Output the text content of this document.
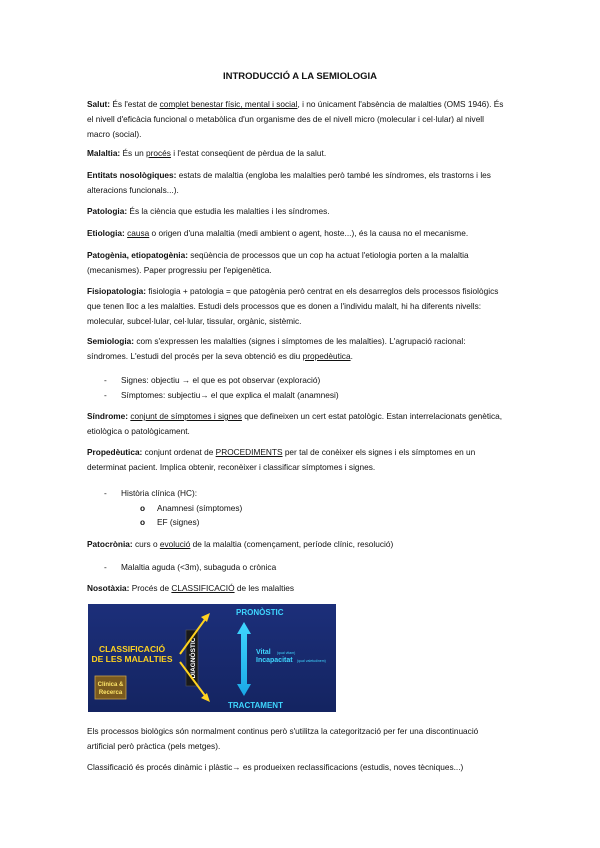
INTRODUCCIÓ A LA SEMIOLOGIA

Salut: És l'estat de complet benestar físic, mental i social, i no únicament l'absència de malalties (OMS 1946). És el nivell d'eficàcia funcional o metabòlica d'un organisme des de el nivell micro (molecular i cel·lular) al nivell macro (social).

Malaltia: És un procés i l'estat conseqüent de pèrdua de la salut.

Entitats nosològiques: estats de malaltia (engloba les malalties però també les síndromes, els trastorns i les alteracions funcionals...).

Patologia: És la ciència que estudia les malalties i les síndromes.

Etiologia: causa o origen d'una malaltia (medi ambient o agent, hoste...), és la causa no el mecanisme.

Patogènia, etiopatogènia: seqüència de processos que un cop ha actuat l'etiologia porten a la malaltia (mecanismes). Paper progressiu per l'epigenètica.

Fisiopatologia: fisiologia + patologia = que patogènia però centrat en els desarreglos dels processos fisiològics que tenen lloc a les malalties. Estudi dels processos que es donen a l'individu malalt, hi ha diferents nivells: molecular, subcel·lular, cel·lular, tissular, orgànic, sistèmic.

Semiologia: com s'expressen les malalties (signes i símptomes de les malalties). L'agrupació racional: síndromes. L'estudi del procés per la seva obtenció es diu propedèutica.

- Signes: objectiu → el que es pot observar (exploració)
- Símptomes: subjectiu→ el que explica el malalt (anamnesi)

Síndrome: conjunt de símptomes i signes que defineixen un cert estat patològic. Estan interrelacionats genètica, etiològica o patològicament.

Propedèutica: conjunt ordenat de PROCEDIMENTS per tal de conèixer els signes i els símptomes en un determinat pacient. Implica obtenir, reconèixer i classificar símptomes i signes.

- Història clínica (HC):
o Anamnesi (símptomes)
o EF (signes)

Patocrònia: curs o evolució de la malaltia (començament, període clínic, resolució)

- Malaltia aguda (<3m), subaguda o crònica

Nosotàxia: Procés de CLASSIFICACIÓ de les malalties

CLASSIFICACIÓ
DE LES MALALTIES
Clínica &
Recerca
DIAGNÒSTIC
PRONÒSTIC
TRACTAMENT
Vital (qual vitam)
Incapacitat (qual valetudinem)

Els processos biològics són normalment continus però s'utilitza la categorització per fer una discontinuació artificial però pràctica (pels metges).

Classificació és procés dinàmic i plàstic→ es produeixen reclassificacions (estudis, noves tècniques...)
